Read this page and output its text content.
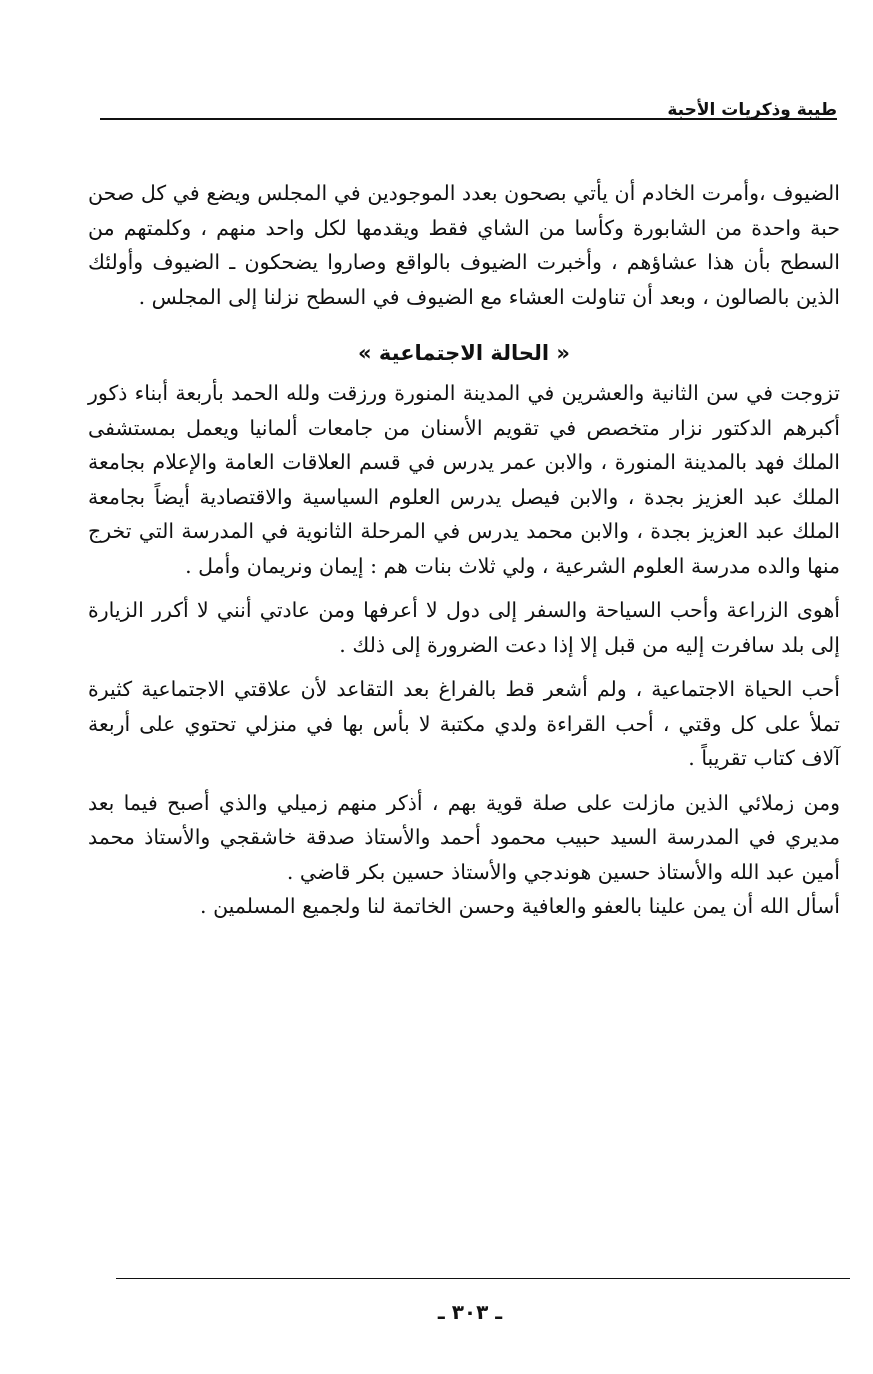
طيبة وذكريات الأحبة

الضيوف ،وأمرت الخادم أن يأتي بصحون بعدد الموجودين في المجلس ويضع في كل صحن حبة واحدة من الشابورة وكأسا من الشاي فقط ويقدمها لكل واحد منهم ، وكلمتهم من السطح بأن هذا عشاؤهم ، وأخبرت الضيوف بالواقع وصاروا يضحكون ـ الضيوف وأولئك الذين بالصالون ، وبعد أن تناولت العشاء مع الضيوف في السطح نزلنا إلى المجلس .

« الحالة الاجتماعية »

تزوجت في سن الثانية والعشرين في المدينة المنورة ورزقت ولله الحمد بأربعة أبناء ذكور أكبرهم الدكتور نزار متخصص في تقويم الأسنان من جامعات ألمانيا ويعمل بمستشفى الملك فهد بالمدينة المنورة ، والابن عمر يدرس في قسم العلاقات العامة والإعلام بجامعة الملك عبد العزيز بجدة ، والابن فيصل يدرس العلوم السياسية والاقتصادية أيضاً بجامعة الملك عبد العزيز بجدة ، والابن محمد يدرس في المرحلة الثانوية في المدرسة التي تخرج منها والده مدرسة العلوم الشرعية ، ولي ثلاث بنات هم : إيمان ونريمان وأمل .

أهوى الزراعة وأحب السياحة والسفر إلى دول لا أعرفها ومن عادتي أنني لا أكرر الزيارة إلى بلد سافرت إليه من قبل إلا إذا دعت الضرورة إلى ذلك .

أحب الحياة الاجتماعية ، ولم أشعر قط بالفراغ بعد التقاعد لأن علاقتي الاجتماعية كثيرة تملأ على كل وقتي ، أحب القراءة ولدي مكتبة لا بأس بها في منزلي تحتوي على أربعة آلاف كتاب تقريباً .

ومن زملائي الذين مازلت على صلة قوية بهم ، أذكر منهم زميلي والذي أصبح فيما بعد مديري في المدرسة السيد حبيب محمود أحمد والأستاذ صدقة خاشقجي والأستاذ محمد أمين عبد الله والأستاذ حسين هوندجي والأستاذ حسين بكر قاضي .

أسأل الله أن يمن علينا بالعفو والعافية وحسن الخاتمة لنا ولجميع المسلمين .

ـ ٣٠٣ ـ
